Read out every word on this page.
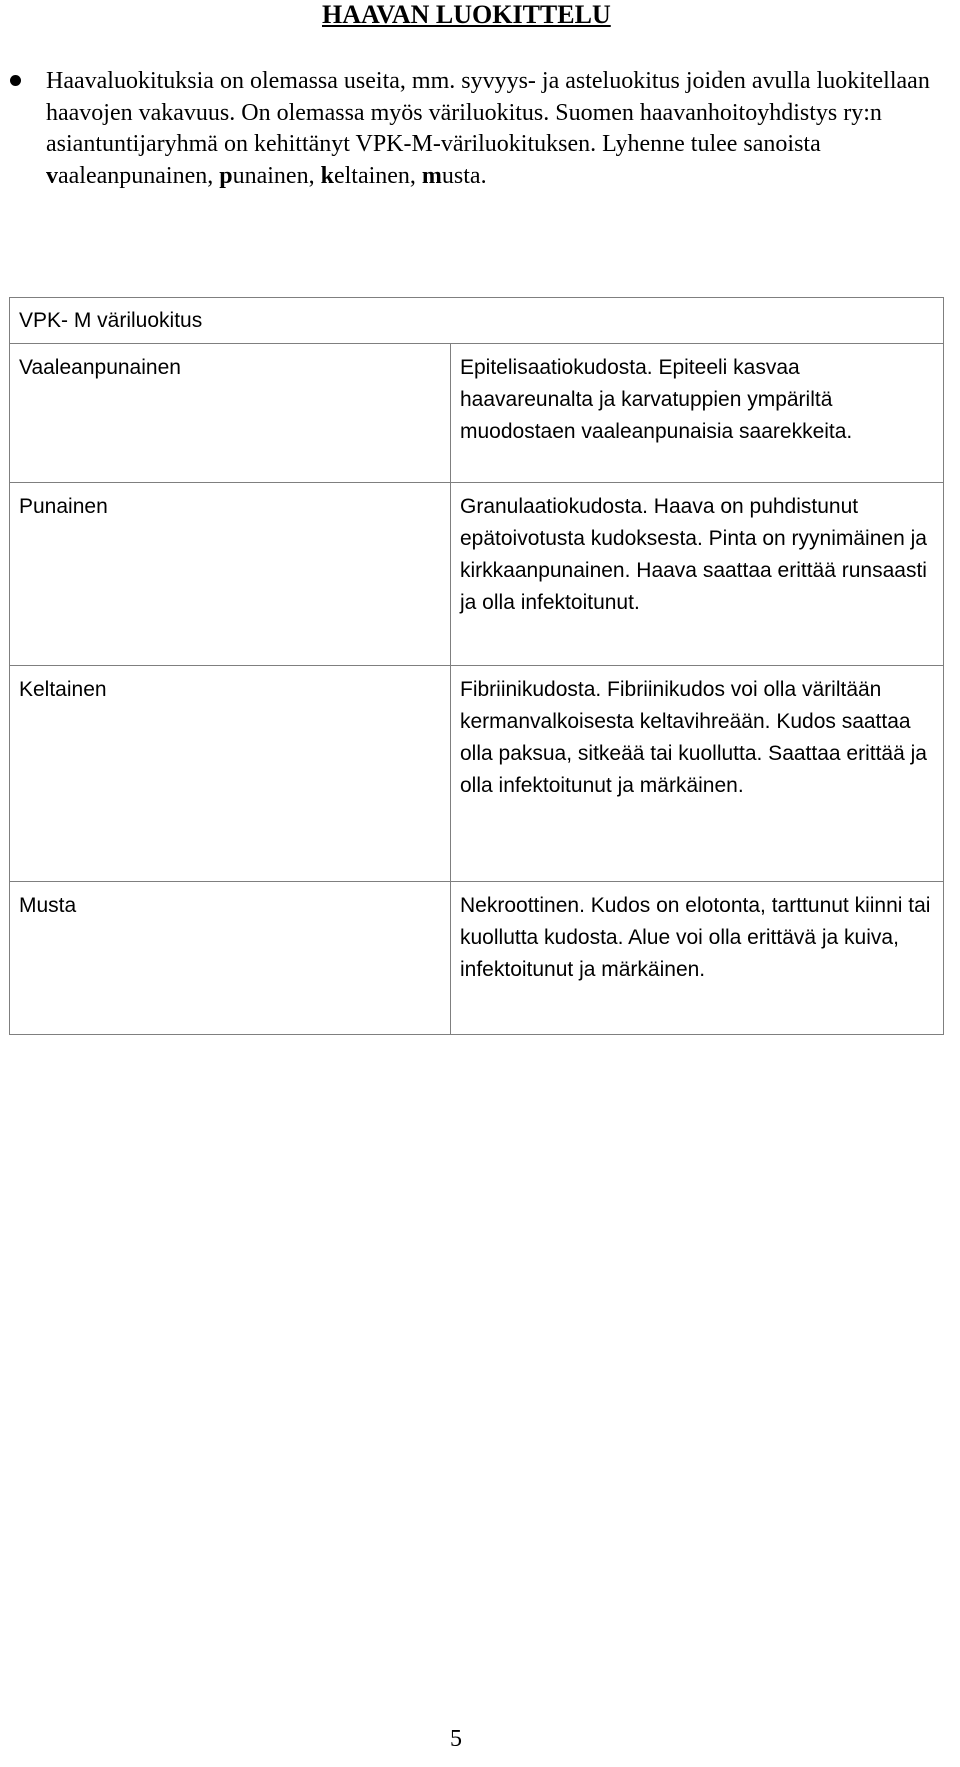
HAAVAN LUOKITTELU

Haavaluokituksia on olemassa useita, mm. syvyys- ja asteluokitus joiden avulla luokitellaan haavojen vakavuus. On olemassa myös väriluokitus. Suomen haavanhoitoyhdistys ry:n asiantuntijaryhmä on kehittänyt VPK-M-väriluokituksen. Lyhenne tulee sanoista vaaleanpunainen, punainen, keltainen, musta.

VPK- M väriluokitus	

Vaaleanpunainen	Epitelisaatiokudosta. Epiteeli kasvaa haavareunalta ja karvatuppien ympäriltä muodostaen vaaleanpunaisia saarekkeita.

Punainen	Granulaatiokudosta. Haava on puhdistunut epätoivotusta kudoksesta. Pinta on ryynimäinen ja kirkkaanpunainen. Haava saattaa erittää runsaasti ja olla infektoitunut.

Keltainen	Fibriinikudosta. Fibriinikudos voi olla väriltään kermanvalkoisesta keltavihreään. Kudos saattaa olla paksua, sitkeää tai kuollutta. Saattaa erittää ja olla infektoitunut ja märkäinen.

Musta	Nekroottinen. Kudos on elotonta, tarttunut kiinni tai kuollutta kudosta. Alue voi olla erittävä ja kuiva, infektoitunut ja märkäinen.

5
